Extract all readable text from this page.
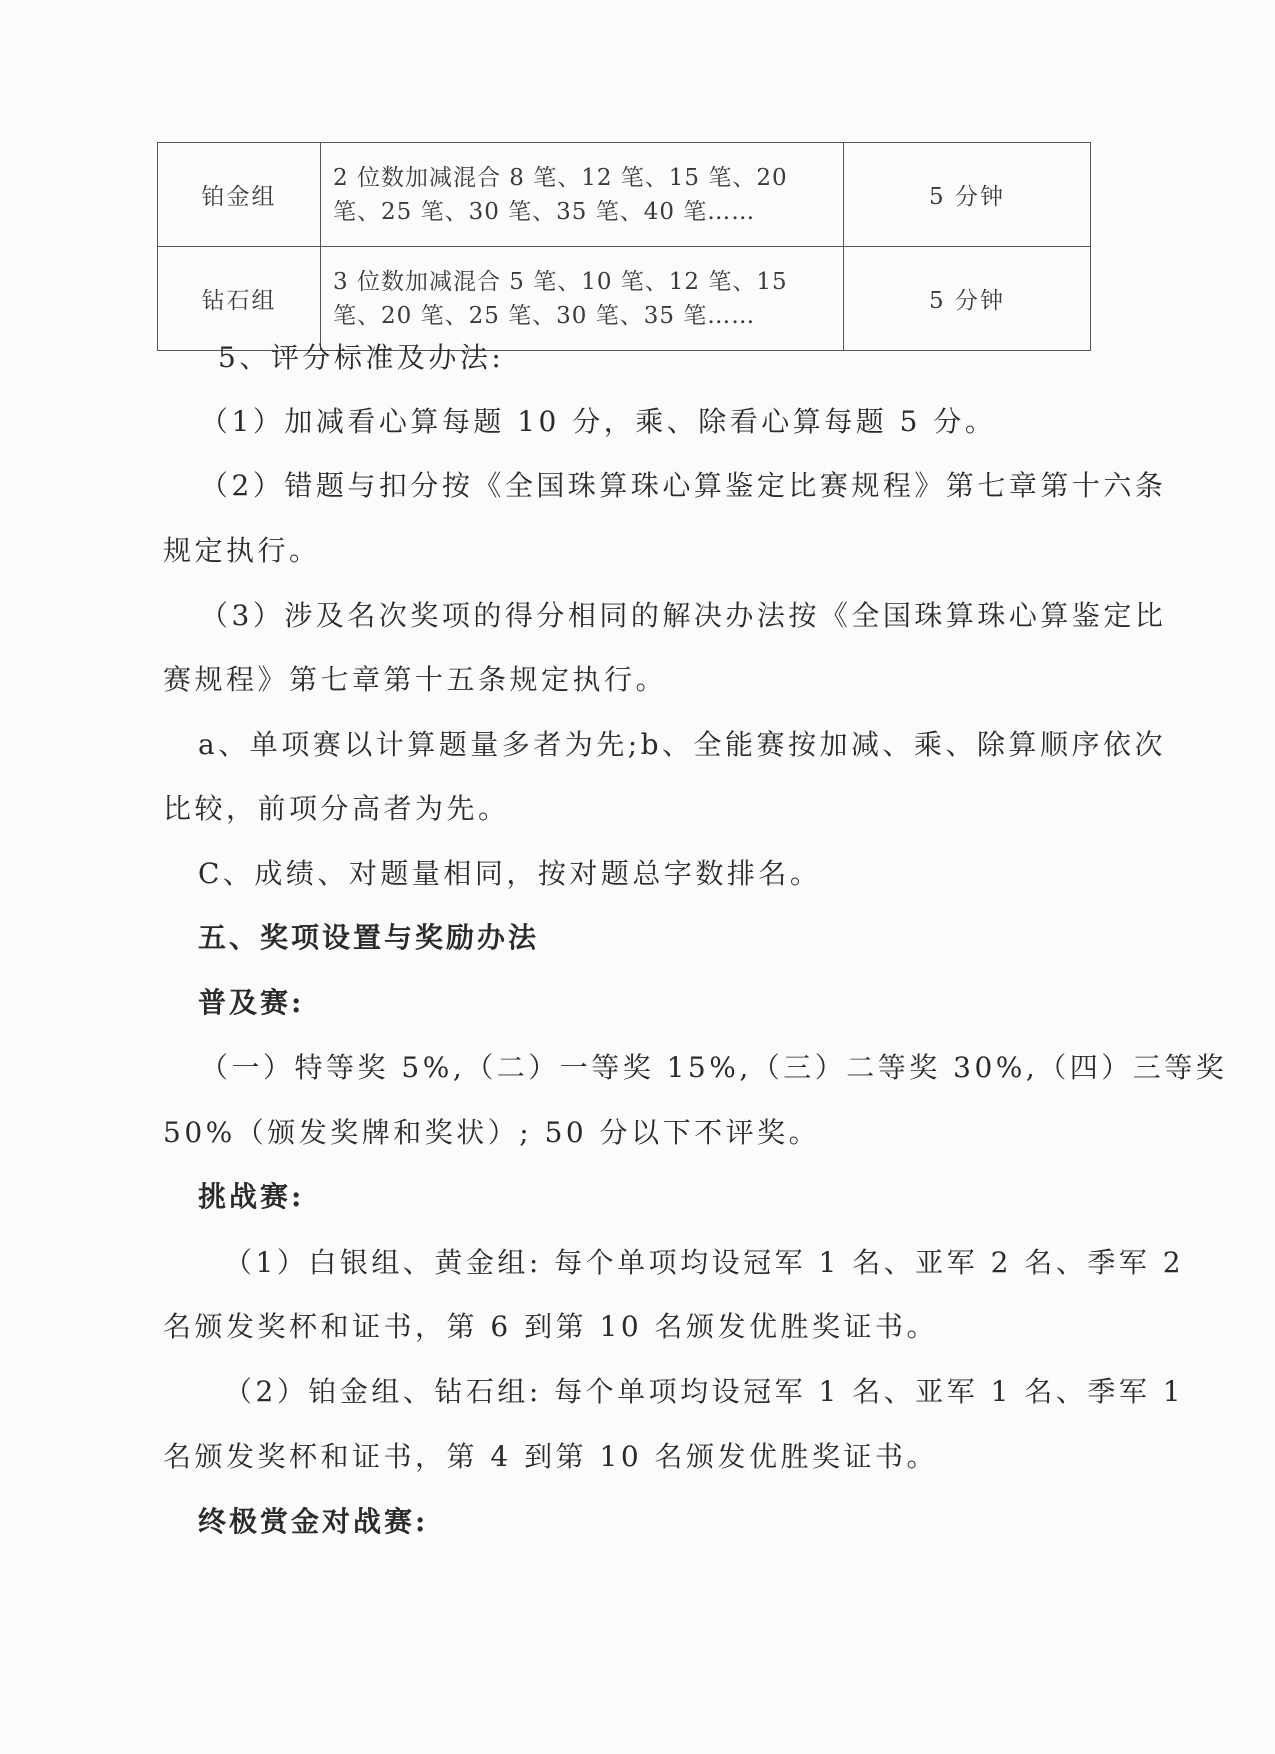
铂金组	2 位数加减混合 8 笔、12 笔、15 笔、20 笔、25 笔、30 笔、35 笔、40 笔……	5 分钟
钻石组	3 位数加减混合 5 笔、10 笔、12 笔、15 笔、20 笔、25 笔、30 笔、35 笔……	5 分钟
5、评分标准及办法:
（1）加减看心算每题 10 分，乘、除看心算每题 5 分。
（2）错题与扣分按《全国珠算珠心算鉴定比赛规程》第七章第十六条
规定执行。
（3）涉及名次奖项的得分相同的解决办法按《全国珠算珠心算鉴定比
赛规程》第七章第十五条规定执行。
a、单项赛以计算题量多者为先;b、全能赛按加减、乘、除算顺序依次
比较，前项分高者为先。
C、成绩、对题量相同，按对题总字数排名。
五、奖项设置与奖励办法
普及赛:
（一）特等奖 5%,（二）一等奖 15%,（三）二等奖 30%,（四）三等奖
50%（颁发奖牌和奖状）; 50 分以下不评奖。
挑战赛:
（1）白银组、黄金组: 每个单项均设冠军 1 名、亚军 2 名、季军 2
名颁发奖杯和证书，第 6 到第 10 名颁发优胜奖证书。
（2）铂金组、钻石组: 每个单项均设冠军 1 名、亚军 1 名、季军 1
名颁发奖杯和证书，第 4 到第 10 名颁发优胜奖证书。
终极赏金对战赛:
